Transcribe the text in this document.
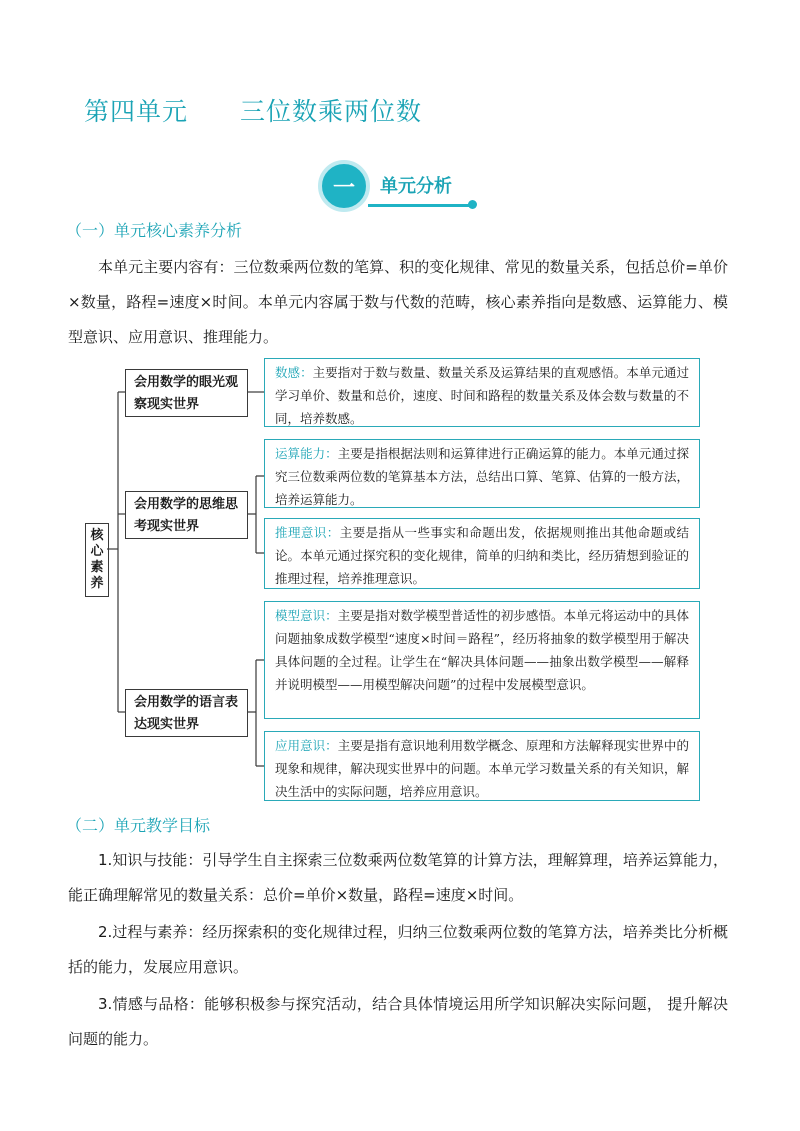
第四单元　　三位数乘两位数
一	单元分析
（一）单元核心素养分析
本单元主要内容有：三位数乘两位数的笔算、积的变化规律、常见的数量关系，包括总价=单价×数量，路程=速度×时间。本单元内容属于数与代数的范畴，核心素养指向是数感、运算能力、模型意识、应用意识、推理能力。
核心素养
会用数学的眼光观察现实世界
会用数学的思维思考现实世界
会用数学的语言表达现实世界
数感：主要指对于数与数量、数量关系及运算结果的直观感悟。本单元通过学习单价、数量和总价，速度、时间和路程的数量关系及体会数与数量的不同，培养数感。
运算能力：主要是指根据法则和运算律进行正确运算的能力。本单元通过探究三位数乘两位数的笔算基本方法，总结出口算、笔算、估算的一般方法，培养运算能力。
推理意识：主要是指从一些事实和命题出发，依据规则推出其他命题或结论。本单元通过探究积的变化规律，简单的归纳和类比，经历猜想到验证的推理过程，培养推理意识。
模型意识：主要是指对数学模型普适性的初步感悟。本单元将运动中的具体问题抽象成数学模型“速度×时间＝路程”，经历将抽象的数学模型用于解决具体问题的全过程。让学生在“解决具体问题——抽象出数学模型——解释并说明模型——用模型解决问题”的过程中发展模型意识。
应用意识：主要是指有意识地利用数学概念、原理和方法解释现实世界中的现象和规律，解决现实世界中的问题。本单元学习数量关系的有关知识，解决生活中的实际问题，培养应用意识。
（二）单元教学目标
1.知识与技能：引导学生自主探索三位数乘两位数笔算的计算方法，理解算理，培养运算能力，能正确理解常见的数量关系：总价=单价×数量，路程=速度×时间。
2.过程与素养：经历探索积的变化规律过程，归纳三位数乘两位数的笔算方法，培养类比分析概括的能力，发展应用意识。
3.情感与品格：能够积极参与探究活动，结合具体情境运用所学知识解决实际问题， 提升解决问题的能力。
